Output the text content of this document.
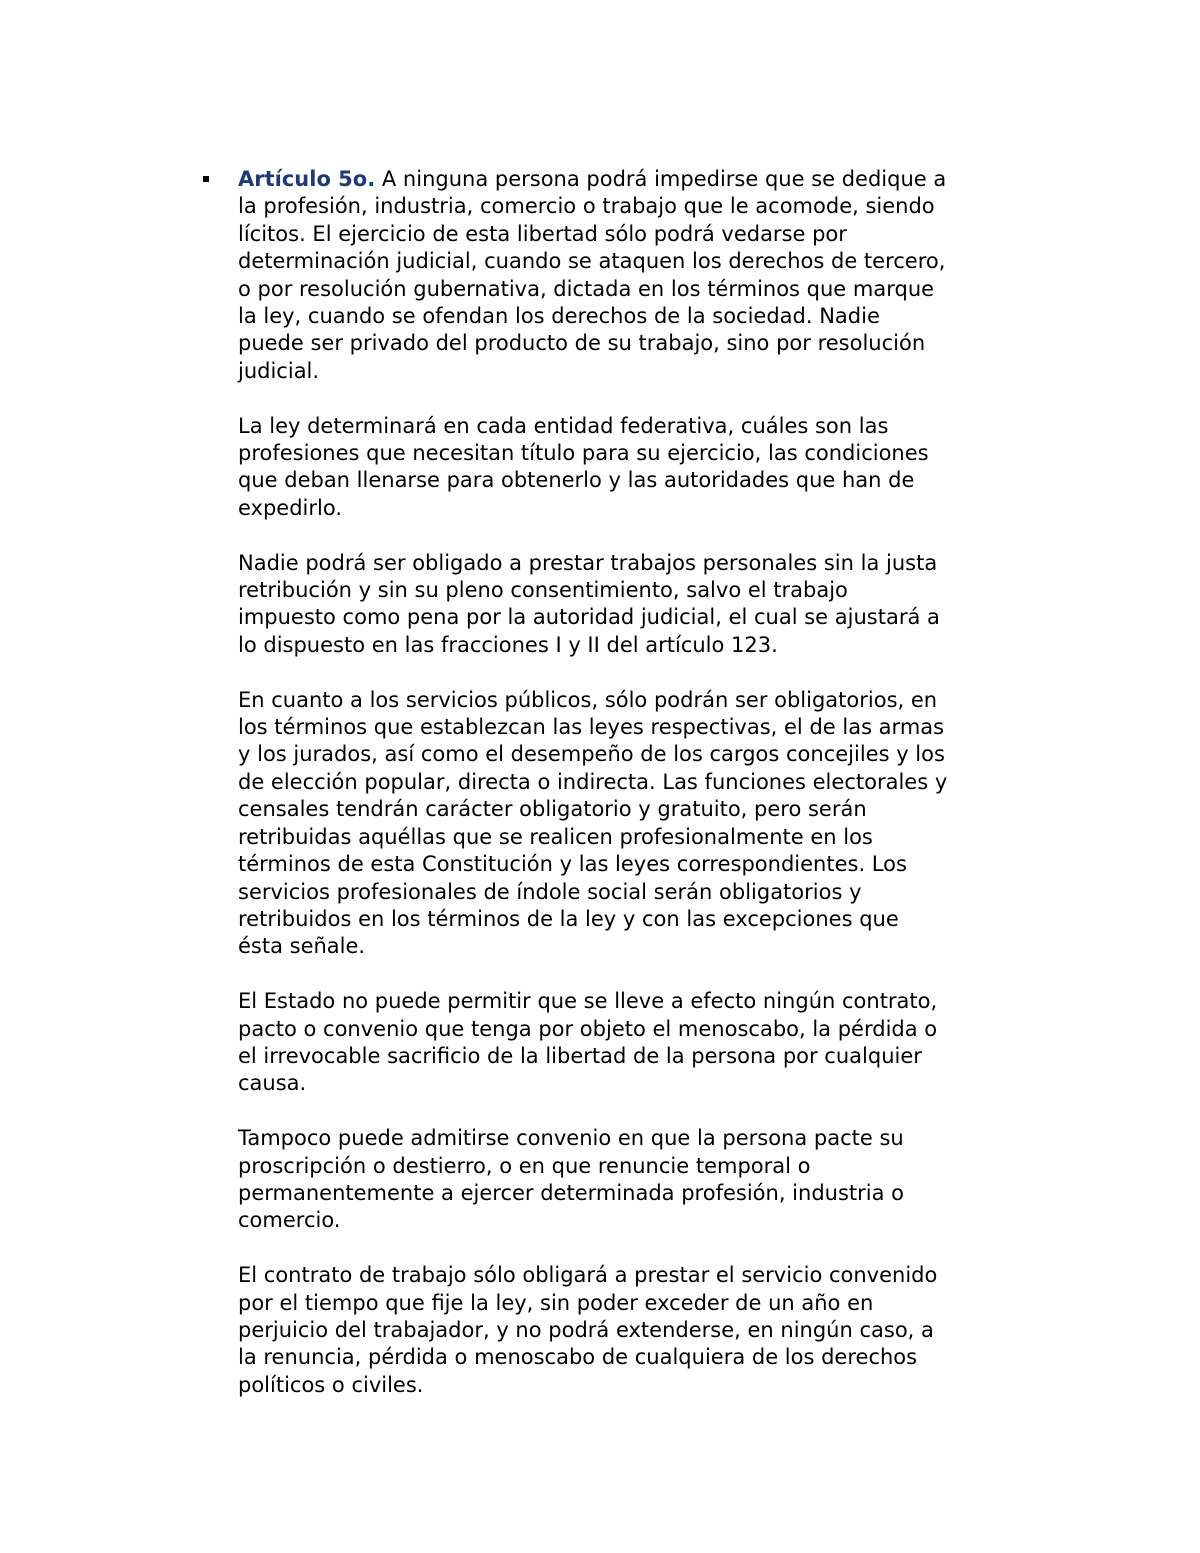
Artículo 5o. A ninguna persona podrá impedirse que se dedique a
la profesión, industria, comercio o trabajo que le acomode, siendo
lícitos. El ejercicio de esta libertad sólo podrá vedarse por
determinación judicial, cuando se ataquen los derechos de tercero,
o por resolución gubernativa, dictada en los términos que marque
la ley, cuando se ofendan los derechos de la sociedad. Nadie
puede ser privado del producto de su trabajo, sino por resolución
judicial.
La ley determinará en cada entidad federativa, cuáles son las
profesiones que necesitan título para su ejercicio, las condiciones
que deban llenarse para obtenerlo y las autoridades que han de
expedirlo.
Nadie podrá ser obligado a prestar trabajos personales sin la justa
retribución y sin su pleno consentimiento, salvo el trabajo
impuesto como pena por la autoridad judicial, el cual se ajustará a
lo dispuesto en las fracciones I y II del artículo 123.
En cuanto a los servicios públicos, sólo podrán ser obligatorios, en
los términos que establezcan las leyes respectivas, el de las armas
y los jurados, así como el desempeño de los cargos concejiles y los
de elección popular, directa o indirecta. Las funciones electorales y
censales tendrán carácter obligatorio y gratuito, pero serán
retribuidas aquéllas que se realicen profesionalmente en los
términos de esta Constitución y las leyes correspondientes. Los
servicios profesionales de índole social serán obligatorios y
retribuidos en los términos de la ley y con las excepciones que
ésta señale.
El Estado no puede permitir que se lleve a efecto ningún contrato,
pacto o convenio que tenga por objeto el menoscabo, la pérdida o
el irrevocable sacrificio de la libertad de la persona por cualquier
causa.
Tampoco puede admitirse convenio en que la persona pacte su
proscripción o destierro, o en que renuncie temporal o
permanentemente a ejercer determinada profesión, industria o
comercio.
El contrato de trabajo sólo obligará a prestar el servicio convenido
por el tiempo que fije la ley, sin poder exceder de un año en
perjuicio del trabajador, y no podrá extenderse, en ningún caso, a
la renuncia, pérdida o menoscabo de cualquiera de los derechos
políticos o civiles.
